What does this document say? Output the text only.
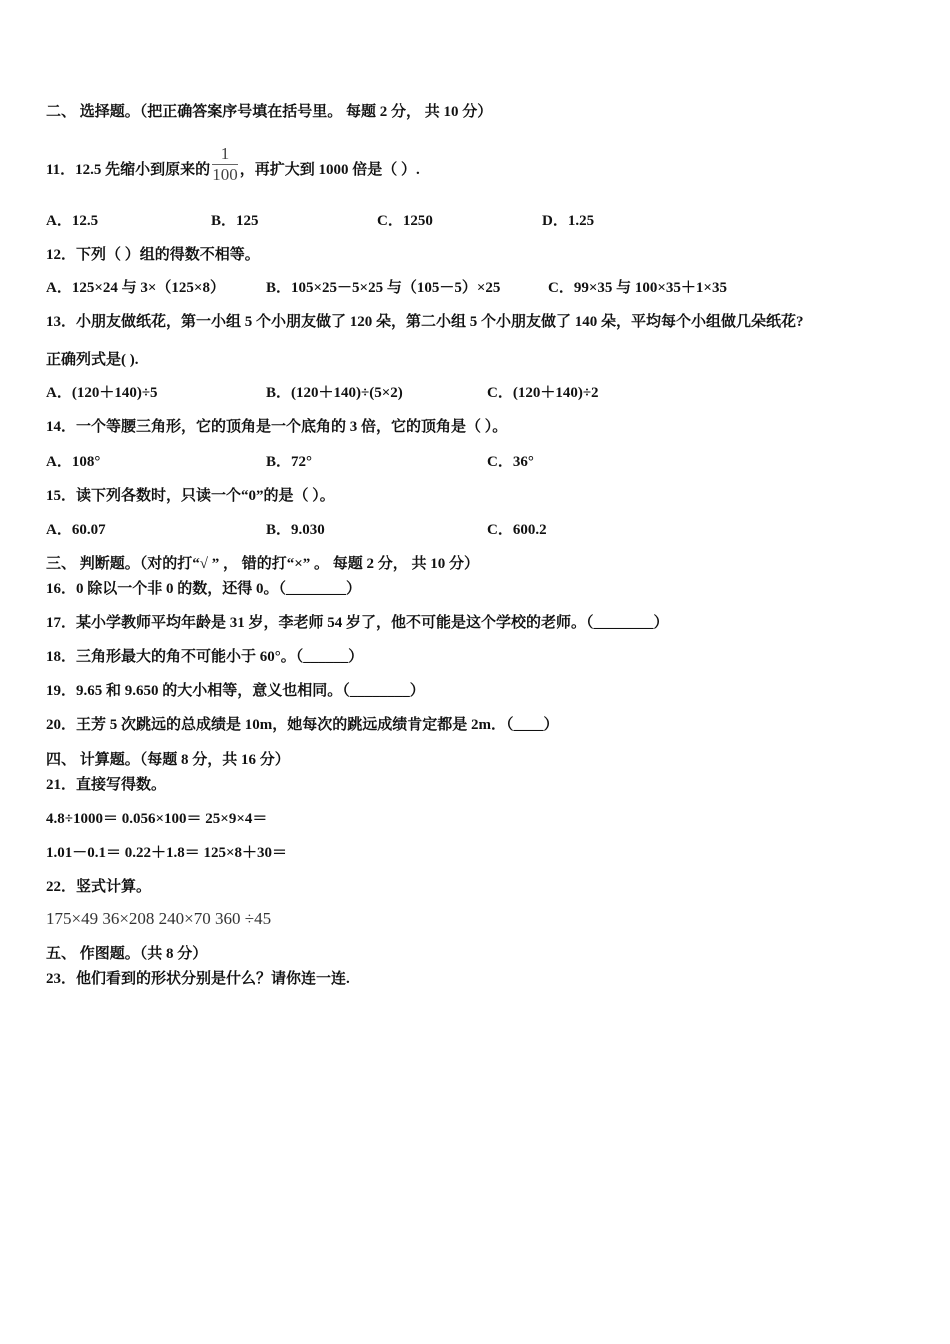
二、 选择题。（把正确答案序号填在括号里。 每题 2 分， 共 10 分）
11．12.5 先缩小到原来的 $\frac{1}{100}$ ，再扩大到 1000 倍是（ ）.
A．12.5	B．125	C．1250	D．1.25
12．下列（ ）组的得数不相等。
A．125×24 与 3×（125×8）	B．105×25－5×25 与（105－5）×25	C．99×35 与 100×35＋1×35
13．小朋友做纸花，第一小组 5 个小朋友做了 120 朵，第二小组 5 个小朋友做了 140 朵，平均每个小组做几朵纸花?
正确列式是( ).
A．(120＋140)÷5	B．(120＋140)÷(5×2)	C．(120＋140)÷2
14．一个等腰三角形，它的顶角是一个底角的 3 倍，它的顶角是（ ）。
A．108°	B．72°	C．36°
15．读下列各数时，只读一个“0”的是（ ）。
A．60.07	B．9.030	C．600.2
三、 判断题。（对的打“√ ” ， 错的打“×” 。 每题 2 分， 共 10 分）
16．0 除以一个非 0 的数，还得 0。（________）
17．某小学教师平均年龄是 31 岁，李老师 54 岁了，他不可能是这个学校的老师。（________）
18．三角形最大的角不可能小于 60°。（______）
19．9.65 和 9.650 的大小相等，意义也相同。（________）
20．王芳 5 次跳远的总成绩是 10m，她每次的跳远成绩肯定都是 2m．（____）
四、 计算题。（每题 8 分，共 16 分）
21．直接写得数。
4.8÷1000＝ 0.056×100＝ 25×9×4＝
1.01－0.1＝ 0.22＋1.8＝ 125×8＋30＝
22．竖式计算。
175×49 36×208 240×70 360 ÷45
五、 作图题。（共 8 分）
23．他们看到的形状分别是什么？请你连一连.
